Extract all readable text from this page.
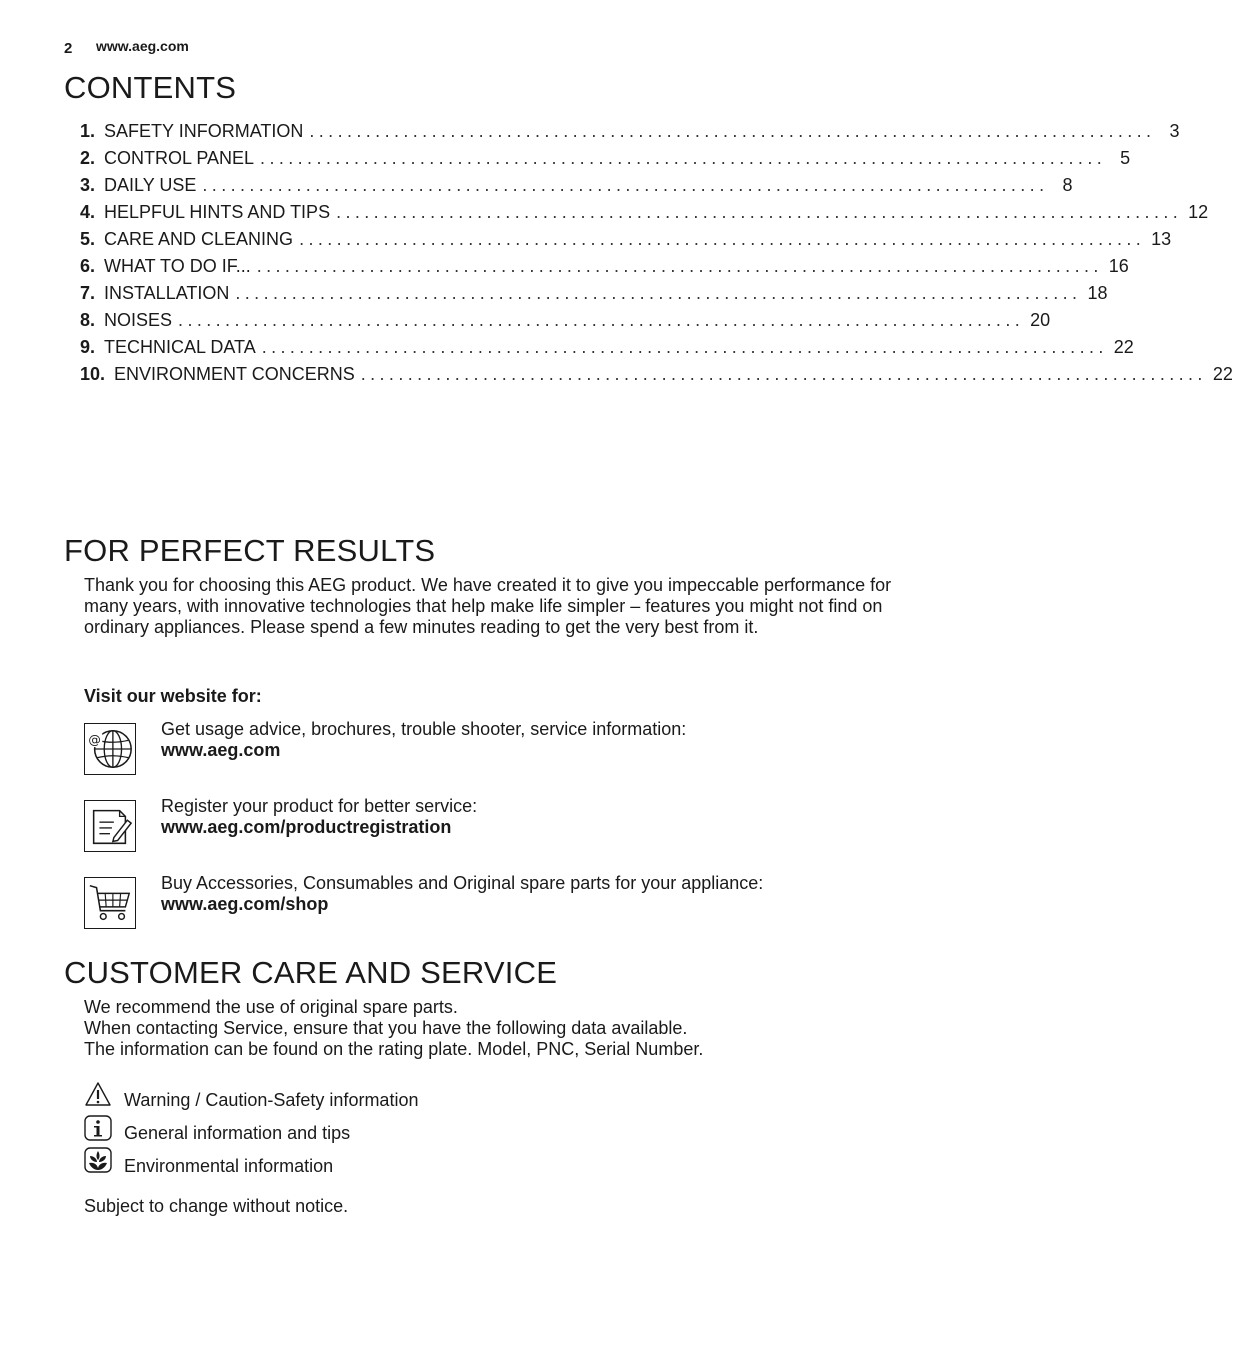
2 www.aeg.com
CONTENTS
1. SAFETY INFORMATION .......................................................................................... 3
2. CONTROL PANEL .......................................................................................... 5
3. DAILY USE .......................................................................................... 8
4. HELPFUL HINTS AND TIPS .......................................................................................... 12
5. CARE AND CLEANING .......................................................................................... 13
6. WHAT TO DO IF... .......................................................................................... 16
7. INSTALLATION .......................................................................................... 18
8. NOISES .......................................................................................... 20
9. TECHNICAL DATA .......................................................................................... 22
10. ENVIRONMENT CONCERNS .......................................................................................... 22
FOR PERFECT RESULTS
Thank you for choosing this AEG product. We have created it to give you impeccable performance for many years, with innovative technologies that help make life simpler – features you might not find on ordinary appliances. Please spend a few minutes reading to get the very best from it.
Visit our website for:
@
Get usage advice, brochures, trouble shooter, service information:
www.aeg.com
Register your product for better service:
www.aeg.com/productregistration
Buy Accessories, Consumables and Original spare parts for your appliance:
www.aeg.com/shop
CUSTOMER CARE AND SERVICE
We recommend the use of original spare parts.
When contacting Service, ensure that you have the following data available.
The information can be found on the rating plate. Model, PNC, Serial Number.
Warning / Caution-Safety information
General information and tips
Environmental information
Subject to change without notice.
